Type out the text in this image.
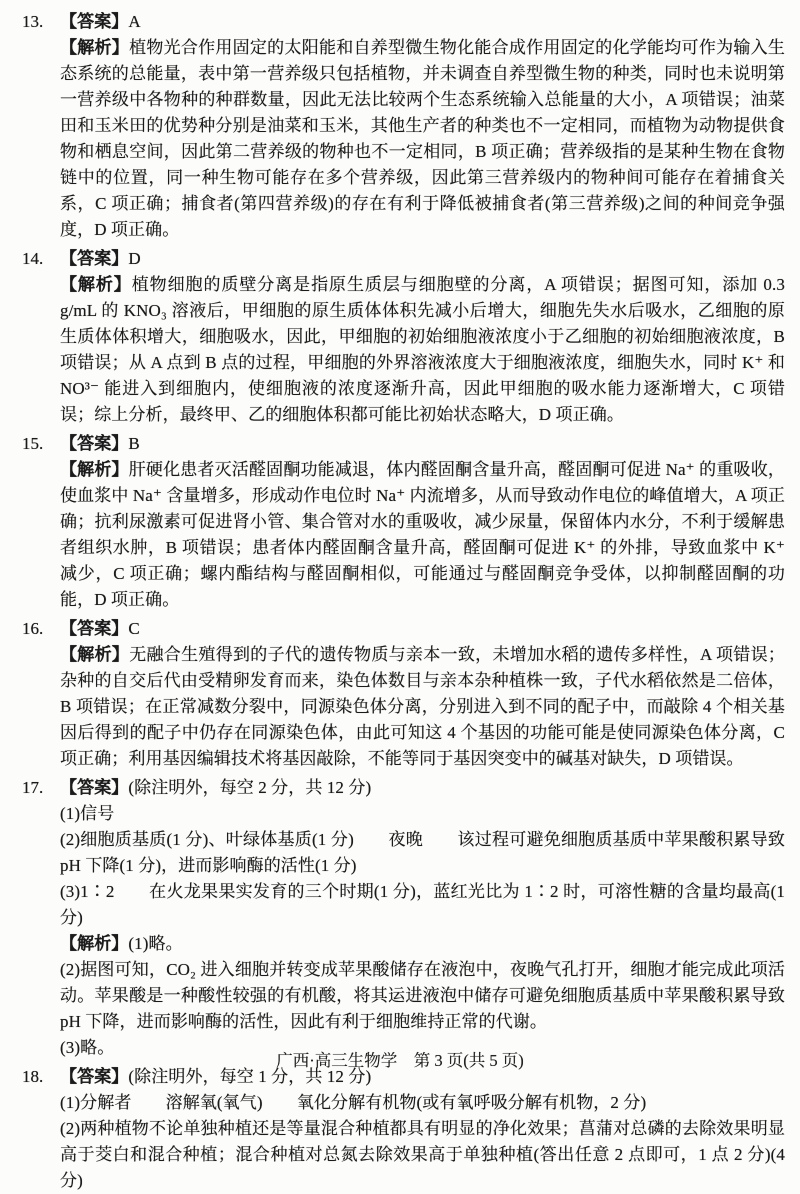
13. 【答案】A

【解析】植物光合作用固定的太阳能和自养型微生物化能合成作用固定的化学能均可作为输入生态系统的总能量，表中第一营养级只包括植物，并未调查自养型微生物的种类，同时也未说明第一营养级中各物种的种群数量，因此无法比较两个生态系统输入总能量的大小，A 项错误；油菜田和玉米田的优势种分别是油菜和玉米，其他生产者的种类也不一定相同，而植物为动物提供食物和栖息空间，因此第二营养级的物种也不一定相同，B 项正确；营养级指的是某种生物在食物链中的位置，同一种生物可能存在多个营养级，因此第三营养级内的物种间可能存在着捕食关系，C 项正确；捕食者(第四营养级)的存在有利于降低被捕食者(第三营养级)之间的种间竞争强度，D 项正确。

14. 【答案】D

【解析】植物细胞的质壁分离是指原生质层与细胞壁的分离，A 项错误；据图可知，添加 0.3 g/mL 的 KNO₃ 溶液后，甲细胞的原生质体体积先减小后增大，细胞先失水后吸水，乙细胞的原生质体体积增大，细胞吸水，因此，甲细胞的初始细胞液浓度小于乙细胞的初始细胞液浓度，B 项错误；从 A 点到 B 点的过程，甲细胞的外界溶液浓度大于细胞液浓度，细胞失水，同时 K⁺ 和 NO³⁻ 能进入到细胞内，使细胞液的浓度逐渐升高，因此甲细胞的吸水能力逐渐增大，C 项错误；综上分析，最终甲、乙的细胞体积都可能比初始状态略大，D 项正确。

15. 【答案】B

【解析】肝硬化患者灭活醛固酮功能减退，体内醛固酮含量升高，醛固酮可促进 Na⁺ 的重吸收，使血浆中 Na⁺ 含量增多，形成动作电位时 Na⁺ 内流增多，从而导致动作电位的峰值增大，A 项正确；抗利尿激素可促进肾小管、集合管对水的重吸收，减少尿量，保留体内水分，不利于缓解患者组织水肿，B 项错误；患者体内醛固酮含量升高，醛固酮可促进 K⁺ 的外排，导致血浆中 K⁺ 减少，C 项正确；螺内酯结构与醛固酮相似，可能通过与醛固酮竞争受体，以抑制醛固酮的功能，D 项正确。

16. 【答案】C

【解析】无融合生殖得到的子代的遗传物质与亲本一致，未增加水稻的遗传多样性，A 项错误；杂种的自交后代由受精卵发育而来，染色体数目与亲本杂种植株一致，子代水稻依然是二倍体，B 项错误；在正常减数分裂中，同源染色体分离，分别进入到不同的配子中，而敲除 4 个相关基因后得到的配子中仍存在同源染色体，由此可知这 4 个基因的功能可能是使同源染色体分离，C 项正确；利用基因编辑技术将基因敲除，不能等同于基因突变中的碱基对缺失，D 项错误。

17. 【答案】(除注明外，每空 2 分，共 12 分)

(1)信号

(2)细胞质基质(1 分)、叶绿体基质(1 分)　　夜晚　　该过程可避免细胞质基质中苹果酸积累导致 pH 下降(1 分)，进而影响酶的活性(1 分)

(3)1∶2　　在火龙果果实发育的三个时期(1 分)，蓝红光比为 1∶2 时，可溶性糖的含量均最高(1 分)

【解析】(1)略。

(2)据图可知，CO₂ 进入细胞并转变成苹果酸储存在液泡中，夜晚气孔打开，细胞才能完成此项活动。苹果酸是一种酸性较强的有机酸，将其运进液泡中储存可避免细胞质基质中苹果酸积累导致 pH 下降，进而影响酶的活性，因此有利于细胞维持正常的代谢。

(3)略。

18. 【答案】(除注明外，每空 1 分，共 12 分)

(1)分解者　　溶解氧(氧气)　　氧化分解有机物(或有氧呼吸分解有机物，2 分)

(2)两种植物不论单独种植还是等量混合种植都具有明显的净化效果；菖蒲对总磷的去除效果明显高于茭白和混合种植；混合种植对总氮去除效果高于单独种植(答出任意 2 点即可，1 点 2 分)(4 分)

广西·高三生物学　第 3 页(共 5 页)
